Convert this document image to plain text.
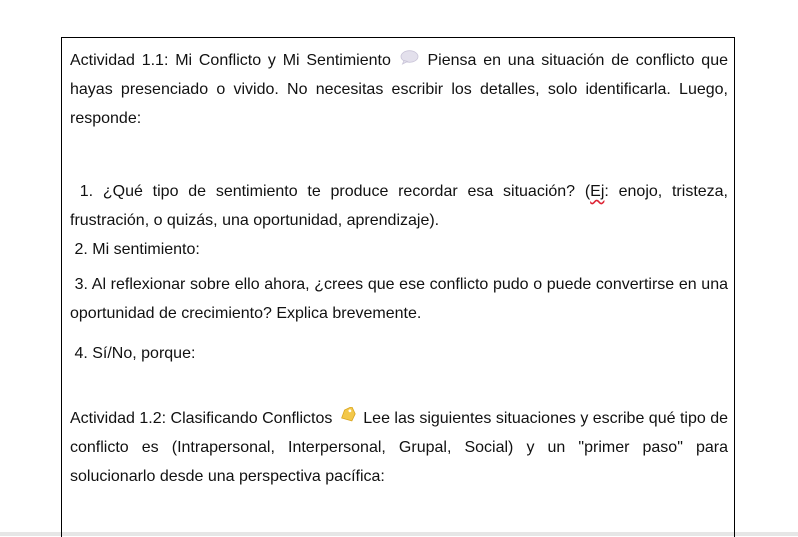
Actividad 1.1: Mi Conflicto y Mi Sentimiento Piensa en una situación de conflicto que hayas presenciado o vivido. No necesitas escribir los detalles, solo identificarla. Luego, responde:

1. ¿Qué tipo de sentimiento te produce recordar esa situación? (Ej: enojo, tristeza, frustración, o quizás, una oportunidad, aprendizaje).

2. Mi sentimiento:

3. Al reflexionar sobre ello ahora, ¿crees que ese conflicto pudo o puede convertirse en una oportunidad de crecimiento? Explica brevemente.

4. Sí/No, porque:

Actividad 1.2: Clasificando Conflictos Lee las siguientes situaciones y escribe qué tipo de conflicto es (Intrapersonal, Interpersonal, Grupal, Social) y un "primer paso" para solucionarlo desde una perspectiva pacífica:
